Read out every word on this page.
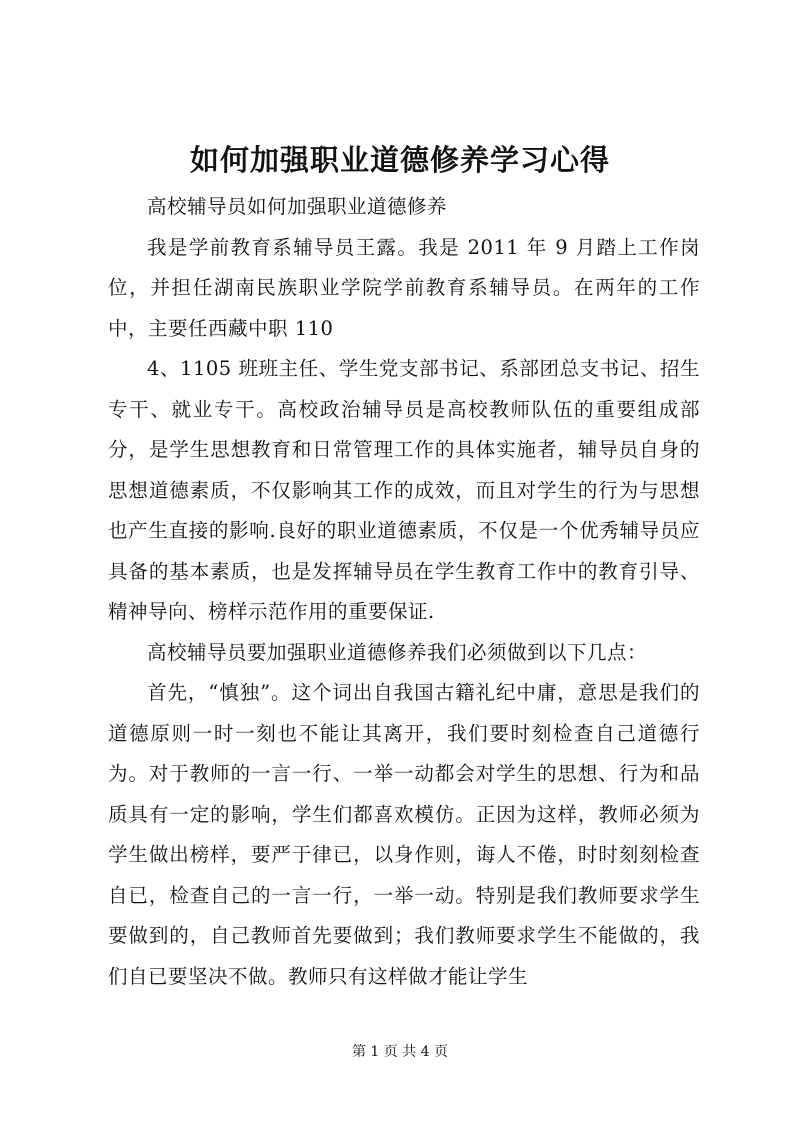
如何加强职业道德修养学习心得

高校辅导员如何加强职业道德修养

我是学前教育系辅导员王露。我是 2011 年 9 月踏上工作岗位，并担任湖南民族职业学院学前教育系辅导员。在两年的工作中，主要任西藏中职 110

4、1105 班班主任、学生党支部书记、系部团总支书记、招生专干、就业专干。高校政治辅导员是高校教师队伍的重要组成部分，是学生思想教育和日常管理工作的具体实施者，辅导员自身的思想道德素质，不仅影响其工作的成效，而且对学生的行为与思想也产生直接的影响.良好的职业道德素质，不仅是一个优秀辅导员应具备的基本素质，也是发挥辅导员在学生教育工作中的教育引导、精神导向、榜样示范作用的重要保证.

高校辅导员要加强职业道德修养我们必须做到以下几点：

首先，“慎独”。这个词出自我国古籍礼纪中庸，意思是我们的道德原则一时一刻也不能让其离开，我们要时刻检查自己道德行为。对于教师的一言一行、一举一动都会对学生的思想、行为和品质具有一定的影响，学生们都喜欢模仿。正因为这样，教师必须为学生做出榜样，要严于律已，以身作则，诲人不倦，时时刻刻检查自已，检查自己的一言一行，一举一动。特别是我们教师要求学生要做到的，自己教师首先要做到；我们教师要求学生不能做的，我们自已要坚决不做。教师只有这样做才能让学生

第 1 页 共 4 页
